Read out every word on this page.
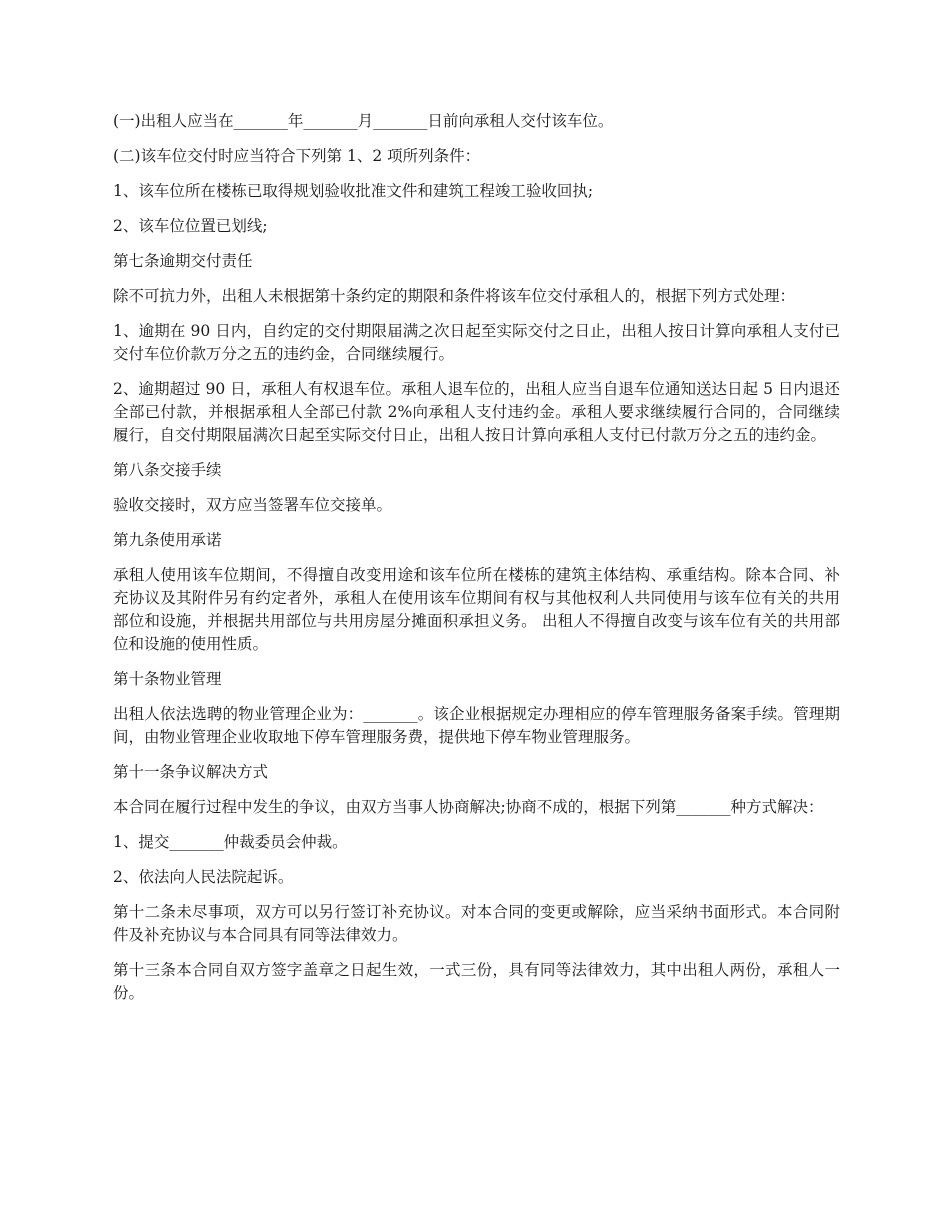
(一)出租人应当在_______年_______月_______日前向承租人交付该车位。

(二)该车位交付时应当符合下列第 1、2 项所列条件：

1、该车位所在楼栋已取得规划验收批准文件和建筑工程竣工验收回执;

2、该车位位置已划线;

第七条逾期交付责任

除不可抗力外，出租人未根据第十条约定的期限和条件将该车位交付承租人的，根据下列方式处理：

1、逾期在 90 日内，自约定的交付期限届满之次日起至实际交付之日止，出租人按日计算向承租人支付已交付车位价款万分之五的违约金，合同继续履行。

2、逾期超过 90 日，承租人有权退车位。承租人退车位的，出租人应当自退车位通知送达日起 5 日内退还全部已付款，并根据承租人全部已付款 2%向承租人支付违约金。承租人要求继续履行合同的，合同继续履行，自交付期限届满次日起至实际交付日止，出租人按日计算向承租人支付已付款万分之五的违约金。

第八条交接手续

验收交接时，双方应当签署车位交接单。

第九条使用承诺

承租人使用该车位期间，不得擅自改变用途和该车位所在楼栋的建筑主体结构、承重结构。除本合同、补充协议及其附件另有约定者外，承租人在使用该车位期间有权与其他权利人共同使用与该车位有关的共用部位和设施，并根据共用部位与共用房屋分摊面积承担义务。 出租人不得擅自改变与该车位有关的共用部位和设施的使用性质。

第十条物业管理

出租人依法选聘的物业管理企业为：_______。该企业根据规定办理相应的停车管理服务备案手续。管理期间，由物业管理企业收取地下停车管理服务费，提供地下停车物业管理服务。

第十一条争议解决方式

本合同在履行过程中发生的争议，由双方当事人协商解决;协商不成的，根据下列第_______种方式解决：

1、提交_______仲裁委员会仲裁。

2、依法向人民法院起诉。

第十二条未尽事项，双方可以另行签订补充协议。对本合同的变更或解除，应当采纳书面形式。本合同附件及补充协议与本合同具有同等法律效力。

第十三条本合同自双方签字盖章之日起生效，一式三份，具有同等法律效力，其中出租人两份，承租人一份。
